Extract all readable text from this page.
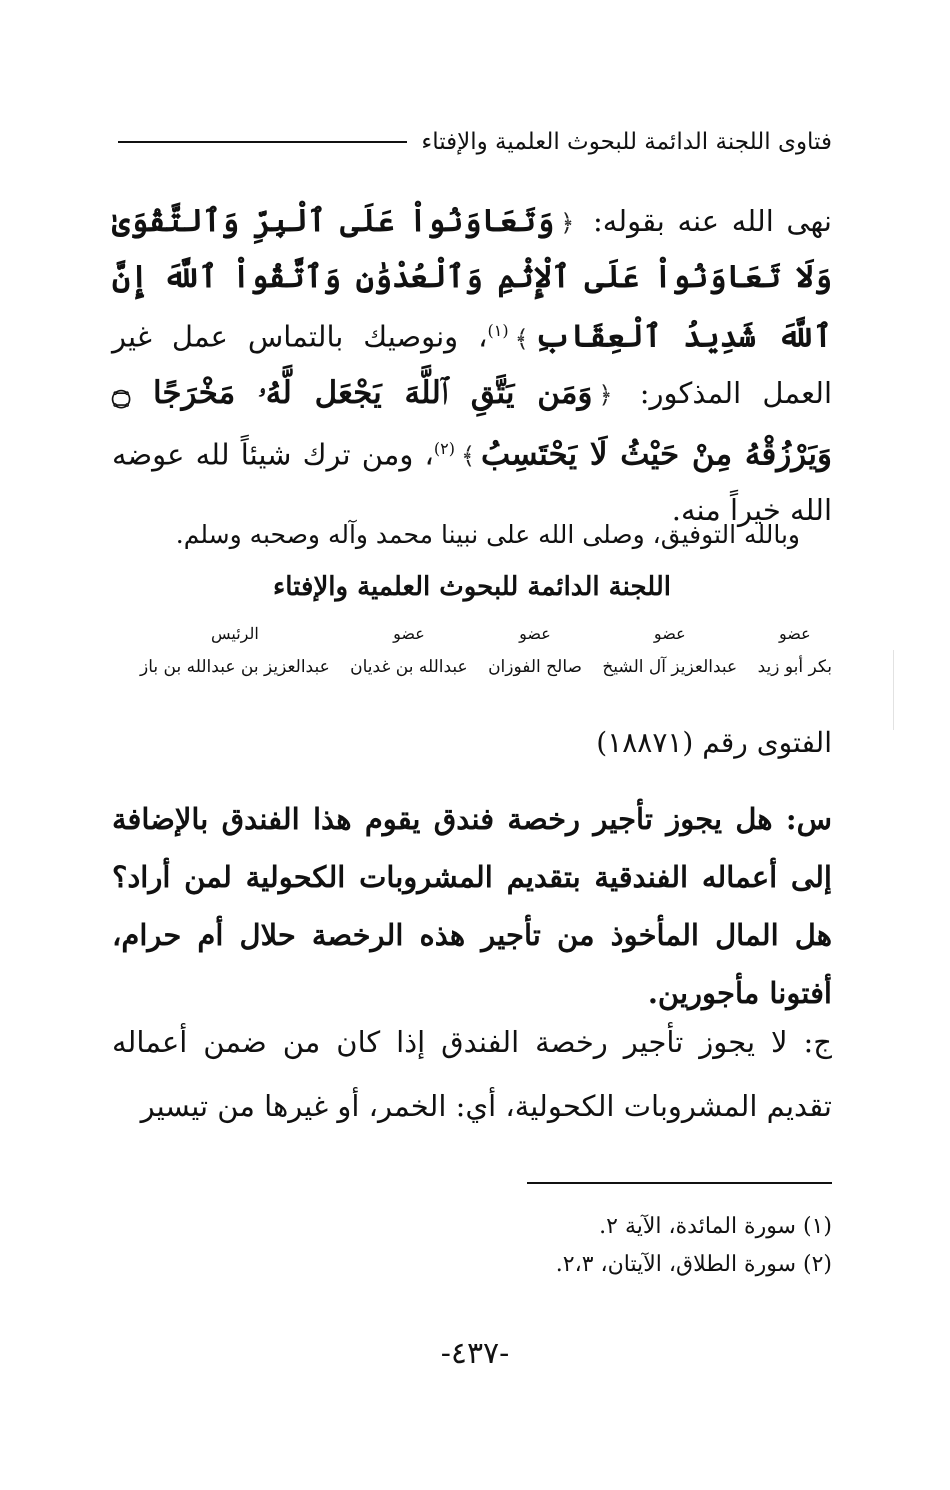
فتاوى اللجنة الدائمة للبحوث العلمية والإفتاء

نهى الله عنه بقوله: ﴿وَتَعَاوَنُواْ عَلَى ٱلْبِرِّ وَٱلتَّقْوَىٰ وَلَا تَعَاوَنُواْ عَلَى ٱلْإِثْمِ وَٱلْعُدْوَٰنِ وَٱتَّقُواْ ٱللَّهَ إِنَّ ٱللَّهَ شَدِيدُ ٱلْعِقَابِ﴾$^{(١)}$، ونوصيك بالتماس عمل غير العمل المذكور: ﴿وَمَن يَتَّقِ ٱللَّهَ يَجْعَل لَّهُۥ مَخْرَجًا ۝ وَيَرْزُقْهُ مِنْ حَيْثُ لَا يَحْتَسِبُ﴾$^{(٢)}$، ومن ترك شيئاً لله عوضه الله خيراً منه.

وبالله التوفيق، وصلى الله على نبينا محمد وآله وصحبه وسلم.
اللجنة الدائمة للبحوث العلمية والإفتاء
عضو
بكر أبو زيد
عضو
عبدالعزيز آل الشيخ
عضو
صالح الفوزان
عضو
عبدالله بن غديان
الرئيس
عبدالعزيز بن عبدالله بن باز
الفتوى رقم (١٨٨٧١)

س: هل يجوز تأجير رخصة فندق يقوم هذا الفندق بالإضافة إلى أعماله الفندقية بتقديم المشروبات الكحولية لمن أراد؟ هل المال المأخوذ من تأجير هذه الرخصة حلال أم حرام، أفتونا مأجورين.

ج: لا يجوز تأجير رخصة الفندق إذا كان من ضمن أعماله تقديم المشروبات الكحولية، أي: الخمر، أو غيرها من تيسير

(١) سورة المائدة، الآية ٢.
(٢) سورة الطلاق، الآيتان، ٢،٣.
-٤٣٧-
